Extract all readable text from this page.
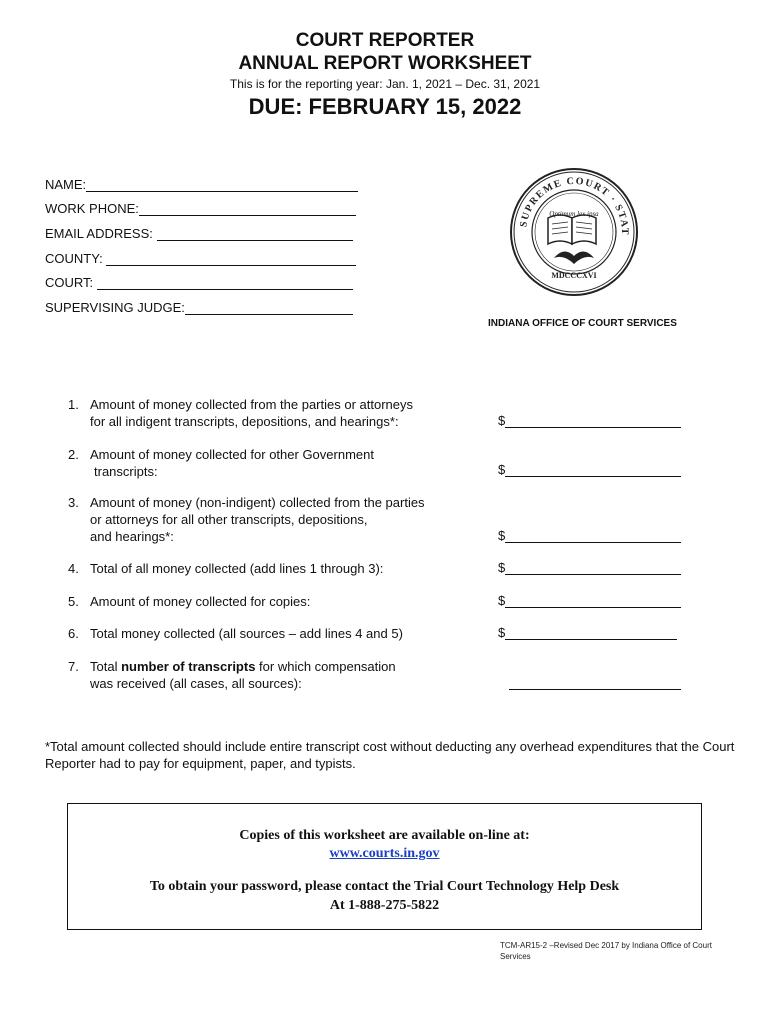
COURT REPORTER
ANNUAL REPORT WORKSHEET
This is for the reporting year: Jan. 1, 2021 – Dec. 31, 2021
DUE: FEBRUARY 15, 2022
NAME:
WORK PHONE:
EMAIL ADDRESS:
COUNTY:
COURT:
SUPERVISING JUDGE:
SUPREME COURT · STAT
Optimum lex ipsa
MDCCCXVI
INDIANA OFFICE OF COURT SERVICES
1. Amount of money collected from the parties or attorneys
for all indigent transcripts, depositions, and hearings*:	$
2. Amount of money collected for other Government
transcripts:	$
3. Amount of money (non-indigent) collected from the parties
or attorneys for all other transcripts, depositions,
and hearings*:	$
4. Total of all money collected (add lines 1 through 3):	$
5. Amount of money collected for copies:	$
6. Total money collected (all sources – add lines 4 and 5)	$
7. Total number of transcripts for which compensation
was received (all cases, all sources):
*Total amount collected should include entire transcript cost without deducting any overhead expenditures that the Court Reporter had to pay for equipment, paper, and typists.
Copies of this worksheet are available on-line at:
www.courts.in.gov
To obtain your password, please contact the Trial Court Technology Help Desk
At 1-888-275-5822
TCM-AR15-2 –Revised Dec 2017 by Indiana Office of Court Services
